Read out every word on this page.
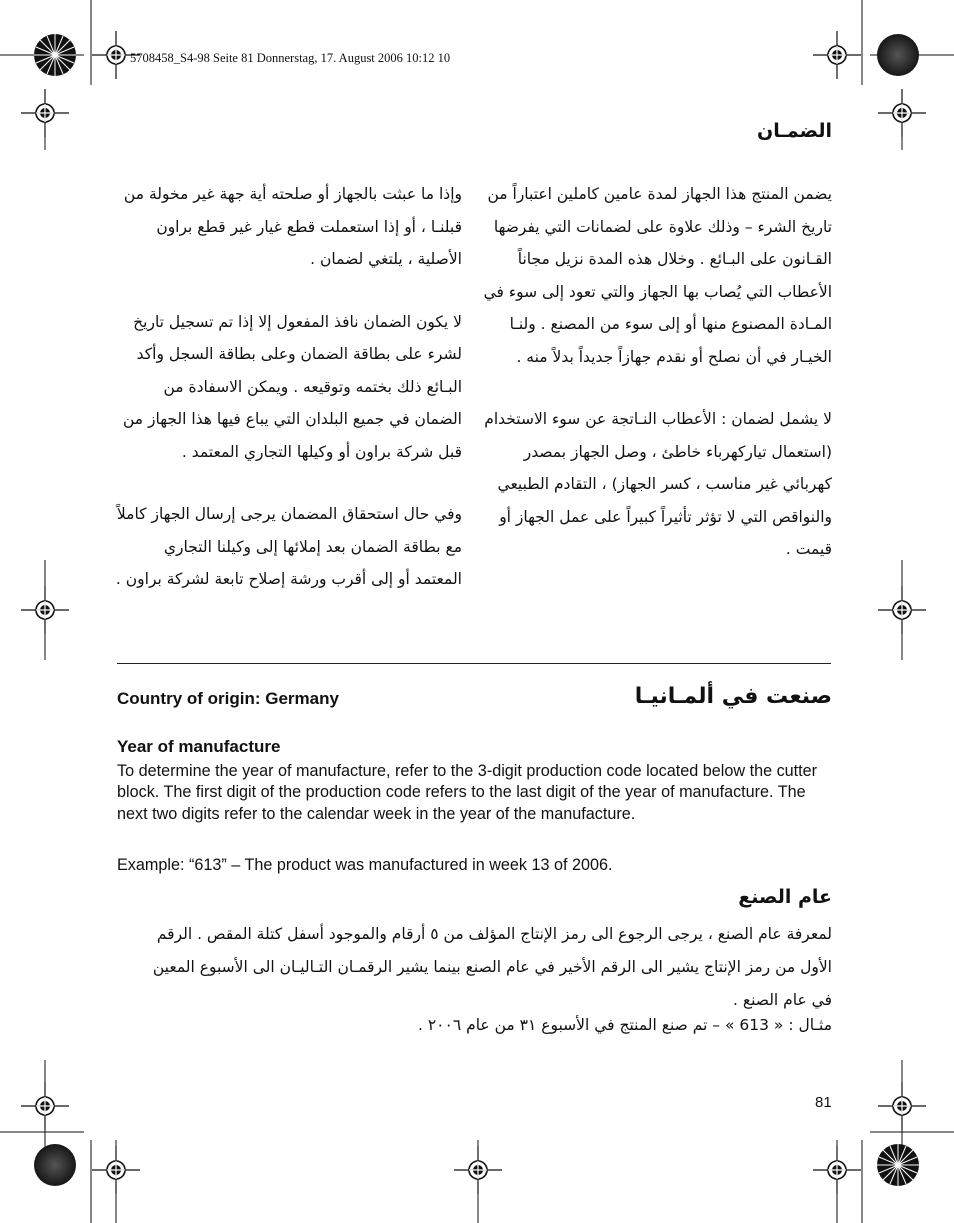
5708458_S4-98 Seite 81 Donnerstag, 17. August 2006 10:12 10
الضمـان

يضمن المنتج هذا الجهاز لمدة عامين كاملين اعتباراً من تاريخ الشرء – وذلك علاوة على لضمانات التي يفرضها القـانون على البـائع . وخلال هذه المدة نزيل مجاناً الأعطاب التي يُصاب بها الجهاز والتي تعود إلى سوء في المـادة المصنوع منها أو إلى سوء من المصنع . ولنـا الخيـار في أن نصلح أو نقدم جهازاً جديداً بدلاً منه .

لا يشمل لضمان : الأعطاب النـاتجة عن سوء الاستخدام (استعمال تياركهرباء خاطئ ، وصل الجهاز بمصدر كهربائي غير مناسب ، كسر الجهاز) ، التقادم الطبيعي والنواقص التي لا تؤثر تأثيراً كبيراً على عمل الجهاز أو قيمت .

وإذا ما عبثت بالجهاز أو صلحته أية جهة غير مخولة من قبلنـا ، أو إذا استعملت قطع غيار غير قطع براون الأصلية ، يلتغي لضمان .

لا يكون الضمان نافذ المفعول إلا إذا تم تسجيل تاريخ لشرء على بطاقة الضمان وعلى بطاقة السجل وأكد البـائع ذلك بختمه وتوقيعه . ويمكن الاسفادة من الضمان في جميع البلدان التي يباع فيها هذا الجهاز من قبل شركة براون أو وكيلها التجاري المعتمد .

وفي حال استحقاق المضمان يرجى إرسال الجهاز كاملاً مع بطاقة الضمان بعد إملائها إلى وكيلنا التجاري المعتمد أو إلى أقرب ورشة إصلاح تابعة لشركة براون .

Country of origin: Germany	صنعت في ألمـانيـا
Year of manufacture

To determine the year of manufacture, refer to the 3-digit production code located below the cutter block. The first digit of the production code refers to the last digit of the year of manufacture. The next two digits refer to the calendar week in the year of the manufacture.

Example: “613” – The product was manufactured in week 13 of 2006.

عام الصنع

لمعرفة عام الصنع ، يرجى الرجوع الى رمز الإنتاج المؤلف من ٥ أرقام والموجود أسفل كتلة المقص . الرقم الأول من رمز الإنتاج يشير الى الرقم الأخير في عام الصنع بينما يشير الرقمـان التـاليـان الى الأسبوع المعين في عام الصنع .

مثـال : « 613 » – تم صنع المنتج في الأسبوع ٣١ من عام ٢٠٠٦ .

81
